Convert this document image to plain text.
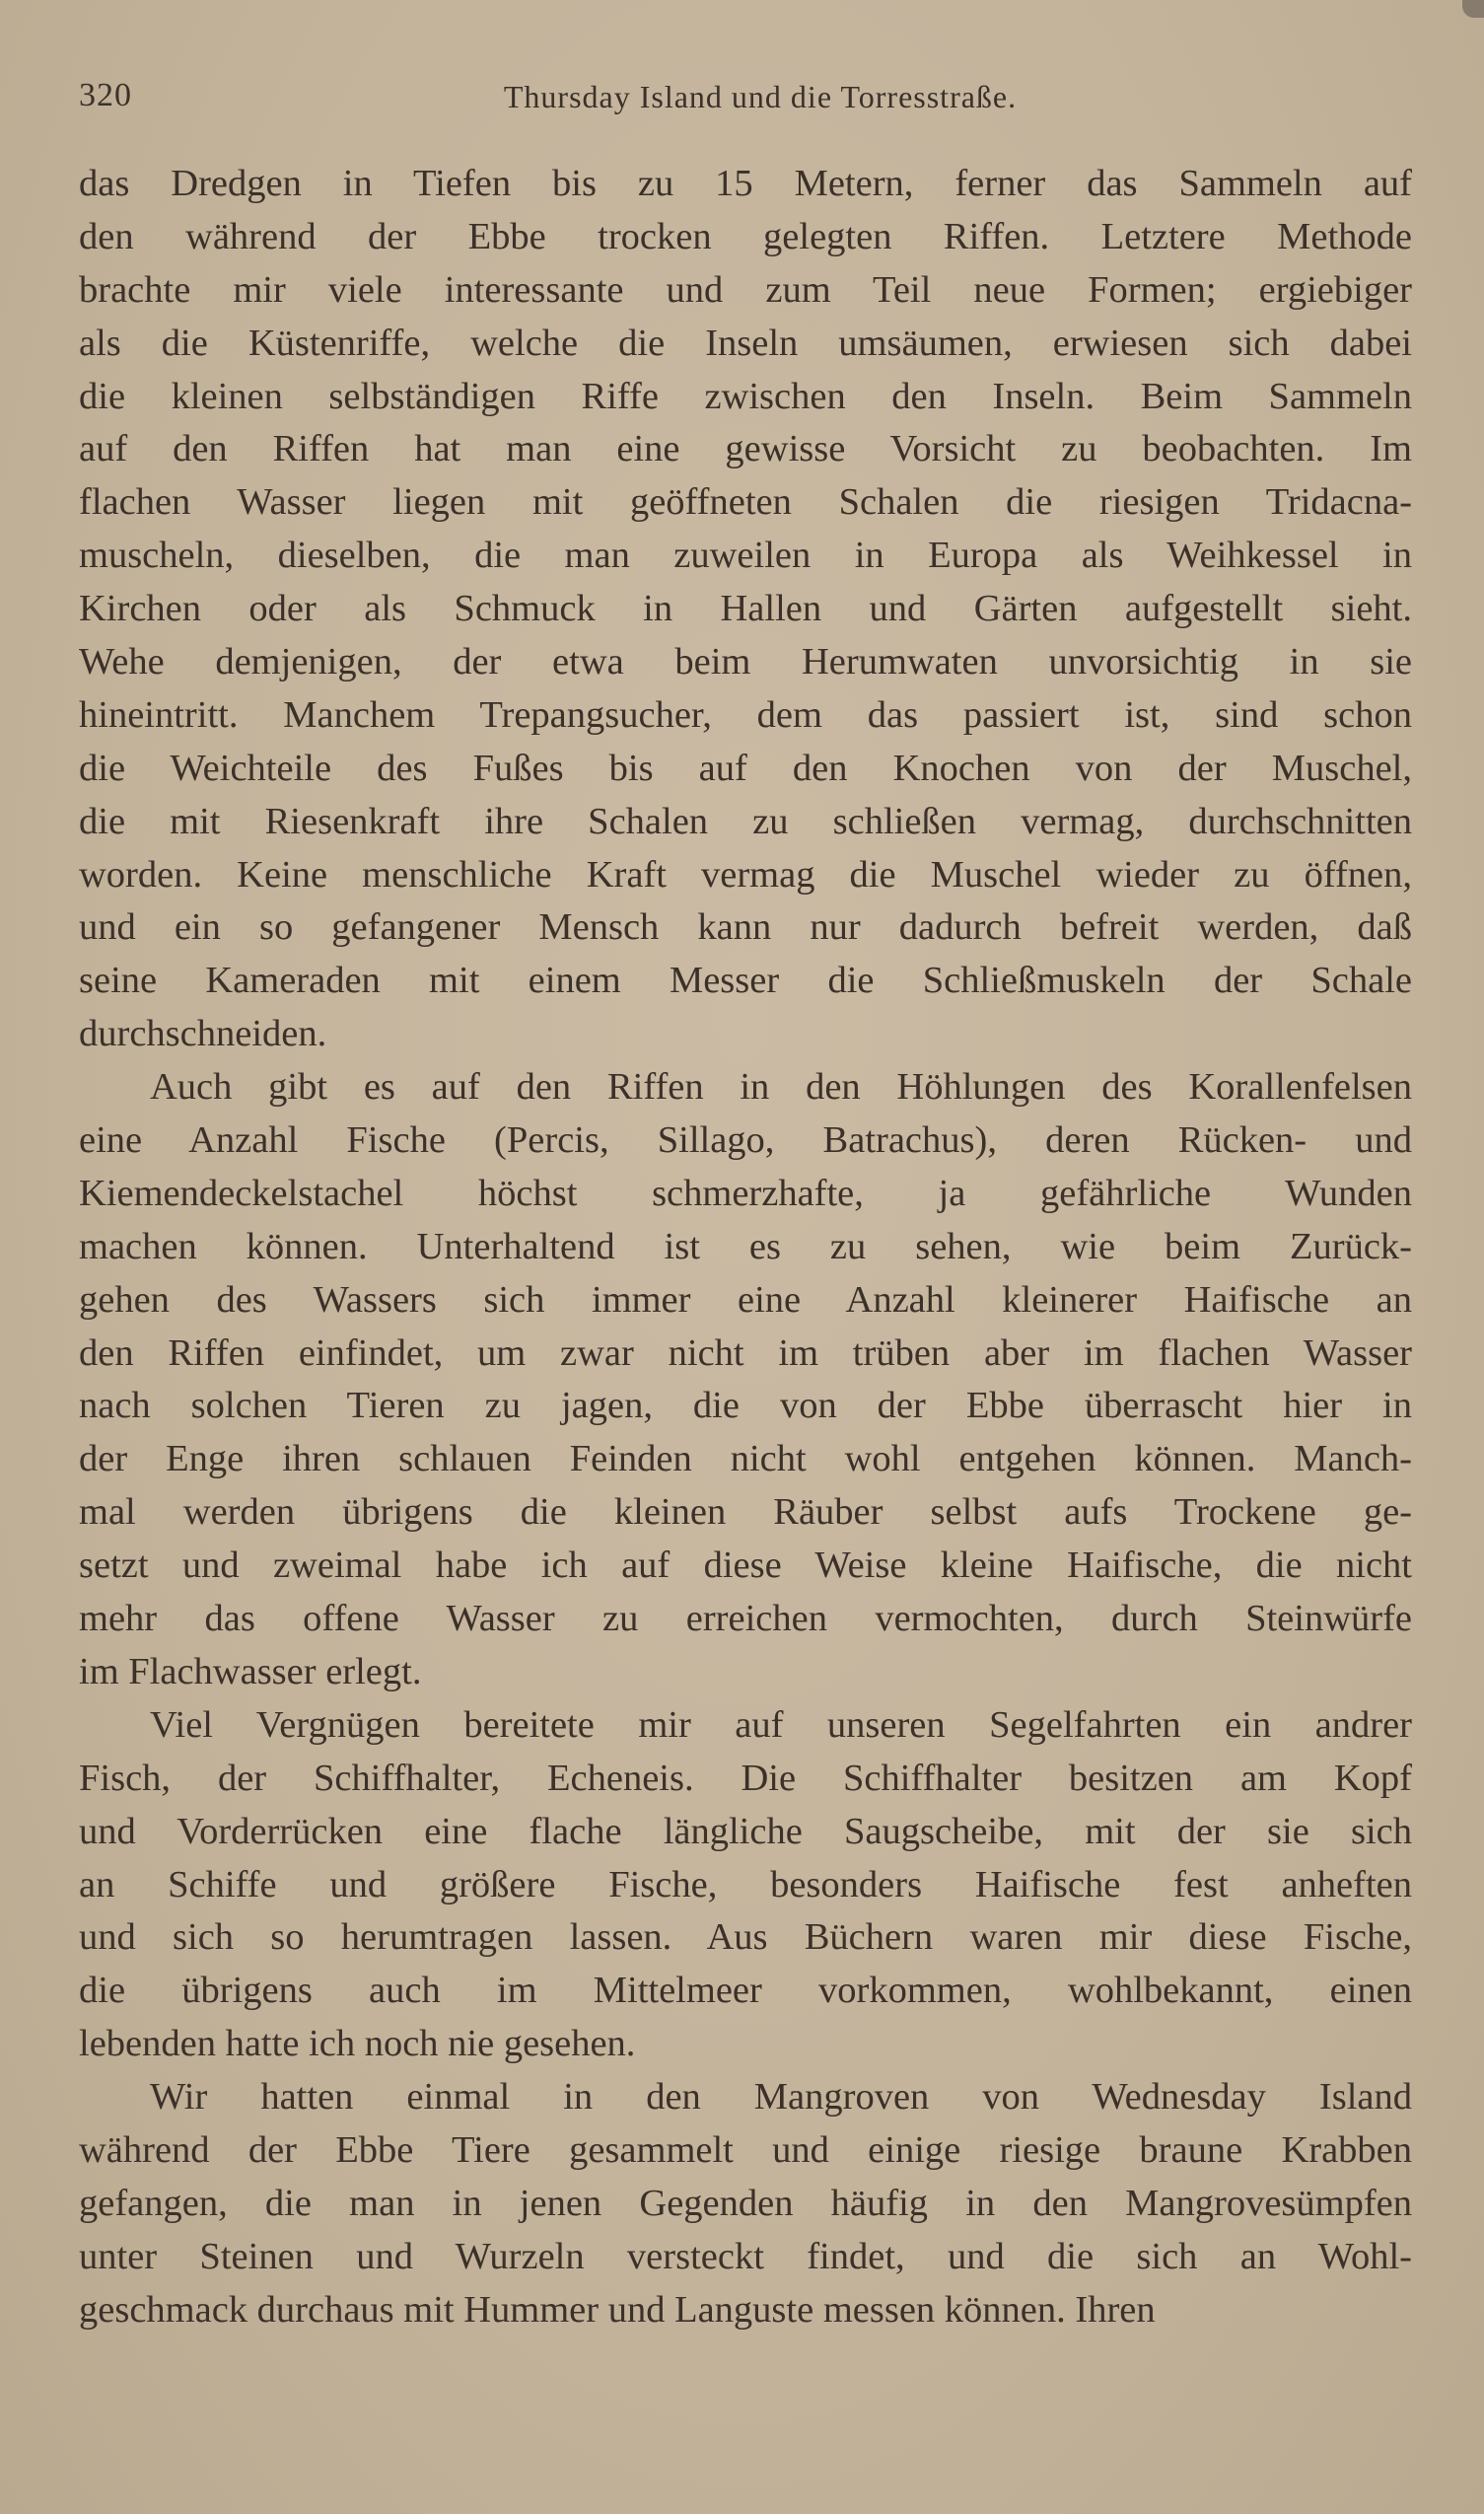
320	Thursday Island und die Torresstraße.
das Dredgen in Tiefen bis zu 15 Metern, ferner das Sammeln auf
den während der Ebbe trocken gelegten Riffen. Letztere Methode
brachte mir viele interessante und zum Teil neue Formen; ergiebiger
als die Küstenriffe, welche die Inseln umsäumen, erwiesen sich dabei
die kleinen selbständigen Riffe zwischen den Inseln. Beim Sammeln
auf den Riffen hat man eine gewisse Vorsicht zu beobachten. Im
flachen Wasser liegen mit geöffneten Schalen die riesigen Tridacna-
muscheln, dieselben, die man zuweilen in Europa als Weihkessel in
Kirchen oder als Schmuck in Hallen und Gärten aufgestellt sieht.
Wehe demjenigen, der etwa beim Herumwaten unvorsichtig in sie
hineintritt. Manchem Trepangsucher, dem das passiert ist, sind schon
die Weichteile des Fußes bis auf den Knochen von der Muschel,
die mit Riesenkraft ihre Schalen zu schließen vermag, durchschnitten
worden. Keine menschliche Kraft vermag die Muschel wieder zu öffnen,
und ein so gefangener Mensch kann nur dadurch befreit werden, daß
seine Kameraden mit einem Messer die Schließmuskeln der Schale
durchschneiden.
Auch gibt es auf den Riffen in den Höhlungen des Korallenfelsen
eine Anzahl Fische (Percis, Sillago, Batrachus), deren Rücken- und
Kiemendeckelstachel höchst schmerzhafte, ja gefährliche Wunden
machen können. Unterhaltend ist es zu sehen, wie beim Zurück-
gehen des Wassers sich immer eine Anzahl kleinerer Haifische an
den Riffen einfindet, um zwar nicht im trüben aber im flachen Wasser
nach solchen Tieren zu jagen, die von der Ebbe überrascht hier in
der Enge ihren schlauen Feinden nicht wohl entgehen können. Manch-
mal werden übrigens die kleinen Räuber selbst aufs Trockene ge-
setzt und zweimal habe ich auf diese Weise kleine Haifische, die nicht
mehr das offene Wasser zu erreichen vermochten, durch Steinwürfe
im Flachwasser erlegt.
Viel Vergnügen bereitete mir auf unseren Segelfahrten ein andrer
Fisch, der Schiffhalter, Echeneis. Die Schiffhalter besitzen am Kopf
und Vorderrücken eine flache längliche Saugscheibe, mit der sie sich
an Schiffe und größere Fische, besonders Haifische fest anheften
und sich so herumtragen lassen. Aus Büchern waren mir diese Fische,
die übrigens auch im Mittelmeer vorkommen, wohlbekannt, einen
lebenden hatte ich noch nie gesehen.
Wir hatten einmal in den Mangroven von Wednesday Island
während der Ebbe Tiere gesammelt und einige riesige braune Krabben
gefangen, die man in jenen Gegenden häufig in den Mangrovesümpfen
unter Steinen und Wurzeln versteckt findet, und die sich an Wohl-
geschmack durchaus mit Hummer und Languste messen können. Ihren
